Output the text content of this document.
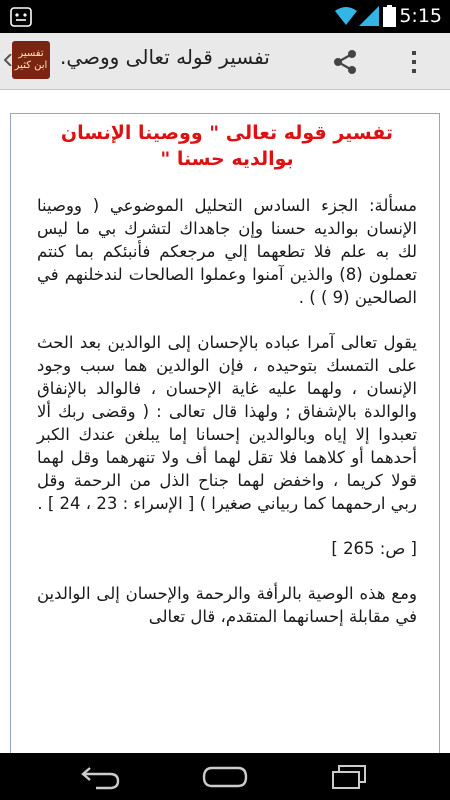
5:15
تفسير
ابن كثير تفسير قوله تعالى ووصي.
تفسير قوله تعالى " ووصينا الإنسان بوالديه حسنا "

مسألة: الجزء السادس التحليل الموضوعي ( ووصينا الإنسان بوالديه حسنا وإن جاهداك لتشرك بي ما ليس لك به علم فلا تطعهما إلي مرجعكم فأنبئكم بما كنتم تعملون (8) والذين آمنوا وعملوا الصالحات لندخلنهم في الصالحين (9 ) ) .

يقول تعالى آمرا عباده بالإحسان إلى الوالدين بعد الحث على التمسك بتوحيده ، فإن الوالدين هما سبب وجود الإنسان ، ولهما عليه غاية الإحسان ، فالوالد بالإنفاق والوالدة بالإشفاق ; ولهذا قال تعالى : ( وقضى ربك ألا تعبدوا إلا إياه وبالوالدين إحسانا إما يبلغن عندك الكبر أحدهما أو كلاهما فلا تقل لهما أف ولا تنهرهما وقل لهما قولا كريما ، واخفض لهما جناح الذل من الرحمة وقل ربي ارحمهما كما ربياني صغيرا ) [ الإسراء : 23 ، 24 ] .

[ ص: 265 ]

ومع هذه الوصية بالرأفة والرحمة والإحسان إلى الوالدين في مقابلة إحسانهما المتقدم، قال تعالى
